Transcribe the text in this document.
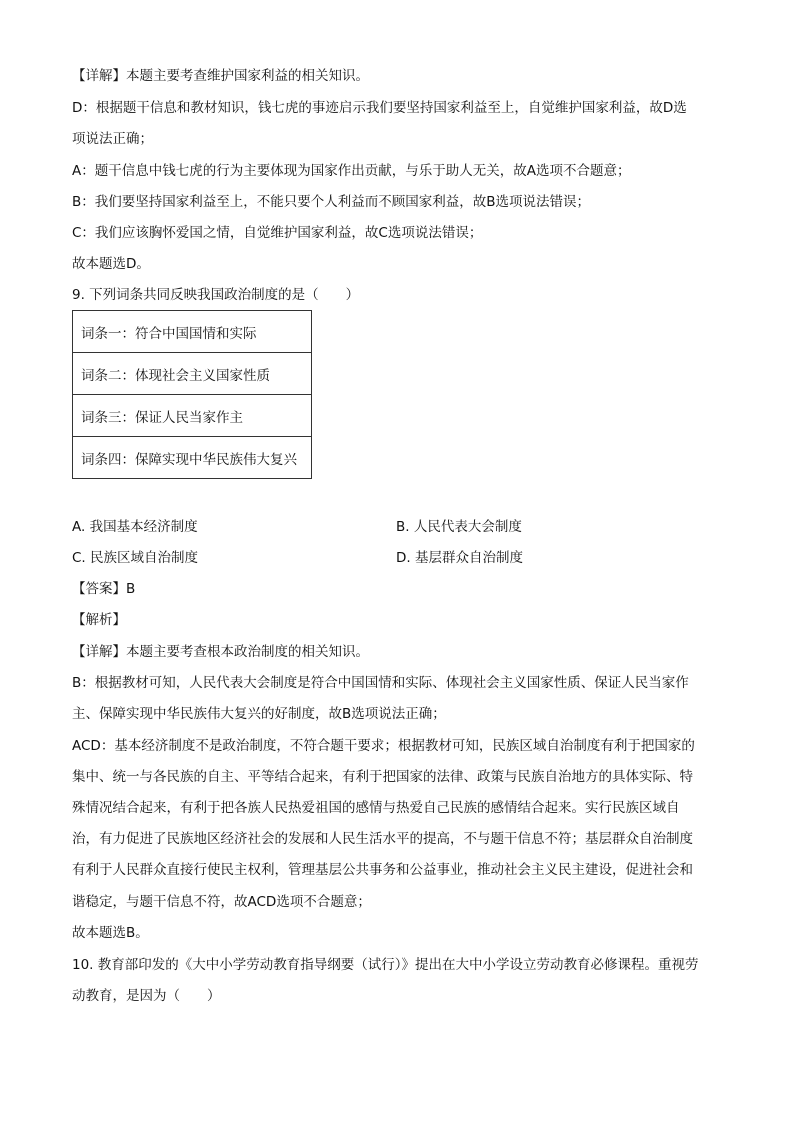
【详解】本题主要考查维护国家利益的相关知识。
D：根据题干信息和教材知识，钱七虎的事迹启示我们要坚持国家利益至上，自觉维护国家利益，故D选
项说法正确；
A：题干信息中钱七虎的行为主要体现为国家作出贡献，与乐于助人无关，故A选项不合题意；
B：我们要坚持国家利益至上，不能只要个人利益而不顾国家利益，故B选项说法错误；
C：我们应该胸怀爱国之情，自觉维护国家利益，故C选项说法错误；
故本题选D。
9. 下列词条共同反映我国政治制度的是（　　）
词条一：符合中国国情和实际
词条二：体现社会主义国家性质
词条三：保证人民当家作主
词条四：保障实现中华民族伟大复兴
A. 我国基本经济制度	B. 人民代表大会制度
C. 民族区域自治制度	D. 基层群众自治制度
【答案】B
【解析】
【详解】本题主要考查根本政治制度的相关知识。
B：根据教材可知，人民代表大会制度是符合中国国情和实际、体现社会主义国家性质、保证人民当家作
主、保障实现中华民族伟大复兴的好制度，故B选项说法正确；
ACD：基本经济制度不是政治制度，不符合题干要求；根据教材可知，民族区域自治制度有利于把国家的
集中、统一与各民族的自主、平等结合起来，有利于把国家的法律、政策与民族自治地方的具体实际、特
殊情况结合起来，有利于把各族人民热爱祖国的感情与热爱自己民族的感情结合起来。实行民族区域自
治，有力促进了民族地区经济社会的发展和人民生活水平的提高，不与题干信息不符；基层群众自治制度
有利于人民群众直接行使民主权利，管理基层公共事务和公益事业，推动社会主义民主建设，促进社会和
谐稳定，与题干信息不符，故ACD选项不合题意；
故本题选B。
10. 教育部印发的《大中小学劳动教育指导纲要（试行）》提出在大中小学设立劳动教育必修课程。重视劳
动教育，是因为（　　）
